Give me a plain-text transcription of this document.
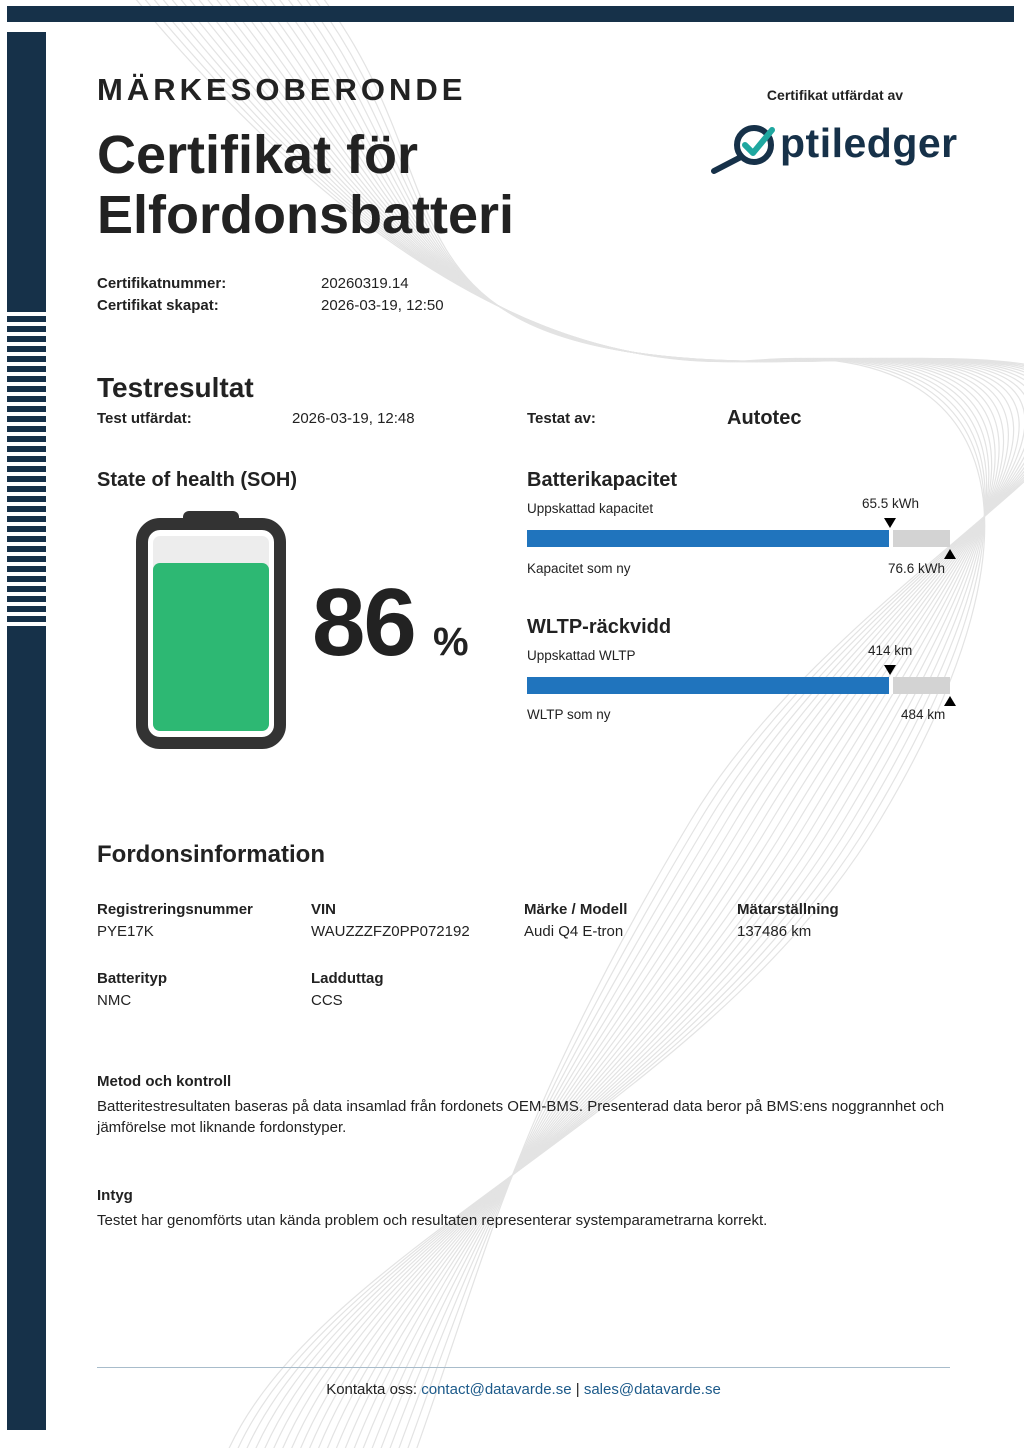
MÄRKESOBERONDE
Certifikat för
Elfordonsbatteri
Certifikat utfärdat av
ptiledger
Certifikatnummer:	20260319.14
Certifikat skapat:	2026-03-19, 12:50
Testresultat
Test utfärdat:	2026-03-19, 12:48	Testat av:	Autotec
State of health (SOH)
86 %
Batterikapacitet
Uppskattad kapacitet	65.5 kWh
Kapacitet som ny	76.6 kWh
WLTP-räckvidd
Uppskattad WLTP	414 km
WLTP som ny	484 km
Fordonsinformation
Registreringsnummer
PYE17K
VIN
WAUZZZFZ0PP072192
Märke / Modell
Audi Q4 E-tron
Mätarställning
137486 km
Batterityp
NMC
Ladduttag
CCS
Metod och kontroll
Batteritestresultaten baseras på data insamlad från fordonets OEM-BMS. Presenterad data beror på BMS:ens noggrannhet och jämförelse mot liknande fordonstyper.
Intyg
Testet har genomförts utan kända problem och resultaten representerar systemparametrarna korrekt.
Kontakta oss: contact@datavarde.se | sales@datavarde.se
